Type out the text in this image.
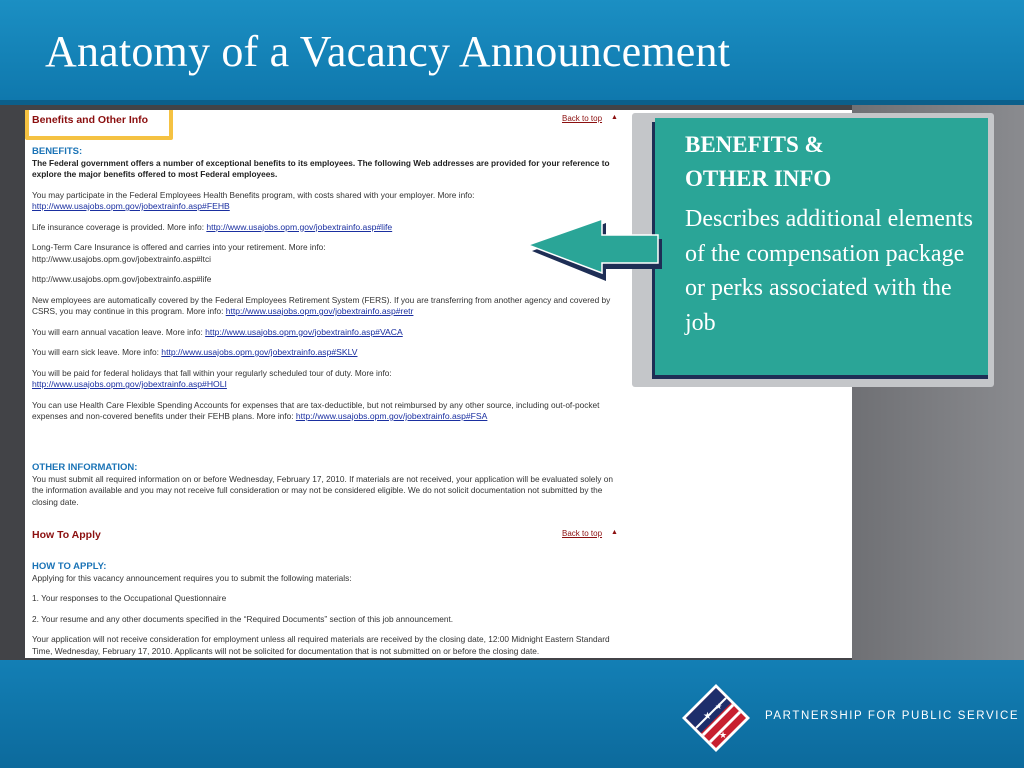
Anatomy of a Vacancy Announcement
Benefits and Other Info	Back to top ▲
BENEFITS:
The Federal government offers a number of exceptional benefits to its employees. The following Web addresses are provided for your reference to explore the major benefits offered to most Federal employees.
You may participate in the Federal Employees Health Benefits program, with costs shared with your employer. More info:
http://www.usajobs.opm.gov/jobextrainfo.asp#FEHB
Life insurance coverage is provided. More info: http://www.usajobs.opm.gov/jobextrainfo.asp#life
Long-Term Care Insurance is offered and carries into your retirement. More info:
http://www.usajobs.opm.gov/jobextrainfo.asp#ltci
http://www.usajobs.opm.gov/jobextrainfo.asp#life
New employees are automatically covered by the Federal Employees Retirement System (FERS). If you are transferring from another agency and covered by CSRS, you may continue in this program. More info: http://www.usajobs.opm.gov/jobextrainfo.asp#retr
You will earn annual vacation leave. More info: http://www.usajobs.opm.gov/jobextrainfo.asp#VACA
You will earn sick leave. More info: http://www.usajobs.opm.gov/jobextrainfo.asp#SKLV
You will be paid for federal holidays that fall within your regularly scheduled tour of duty. More info:
http://www.usajobs.opm.gov/jobextrainfo.asp#HOLI
You can use Health Care Flexible Spending Accounts for expenses that are tax-deductible, but not reimbursed by any other source, including out-of-pocket expenses and non-covered benefits under their FEHB plans. More info: http://www.usajobs.opm.gov/jobextrainfo.asp#FSA
OTHER INFORMATION:
You must submit all required information on or before Wednesday, February 17, 2010. If materials are not received, your application will be evaluated solely on the information available and you may not receive full consideration or may not be considered eligible. We do not solicit documentation not submitted by the closing date.
How To Apply	Back to top ▲
HOW TO APPLY:
Applying for this vacancy announcement requires you to submit the following materials:
1. Your responses to the Occupational Questionnaire
2. Your resume and any other documents specified in the “Required Documents” section of this job announcement.
Your application will not receive consideration for employment unless all required materials are received by the closing date, 12:00 Midnight Eastern Standard Time, Wednesday, February 17, 2010. Applicants will not be solicited for documentation that is not submitted on or before the closing date.
BENEFITS &
OTHER INFO
Describes additional elements of the compensation package or perks associated with the job
★
★
★
PARTNERSHIP FOR PUBLIC SERVICE
